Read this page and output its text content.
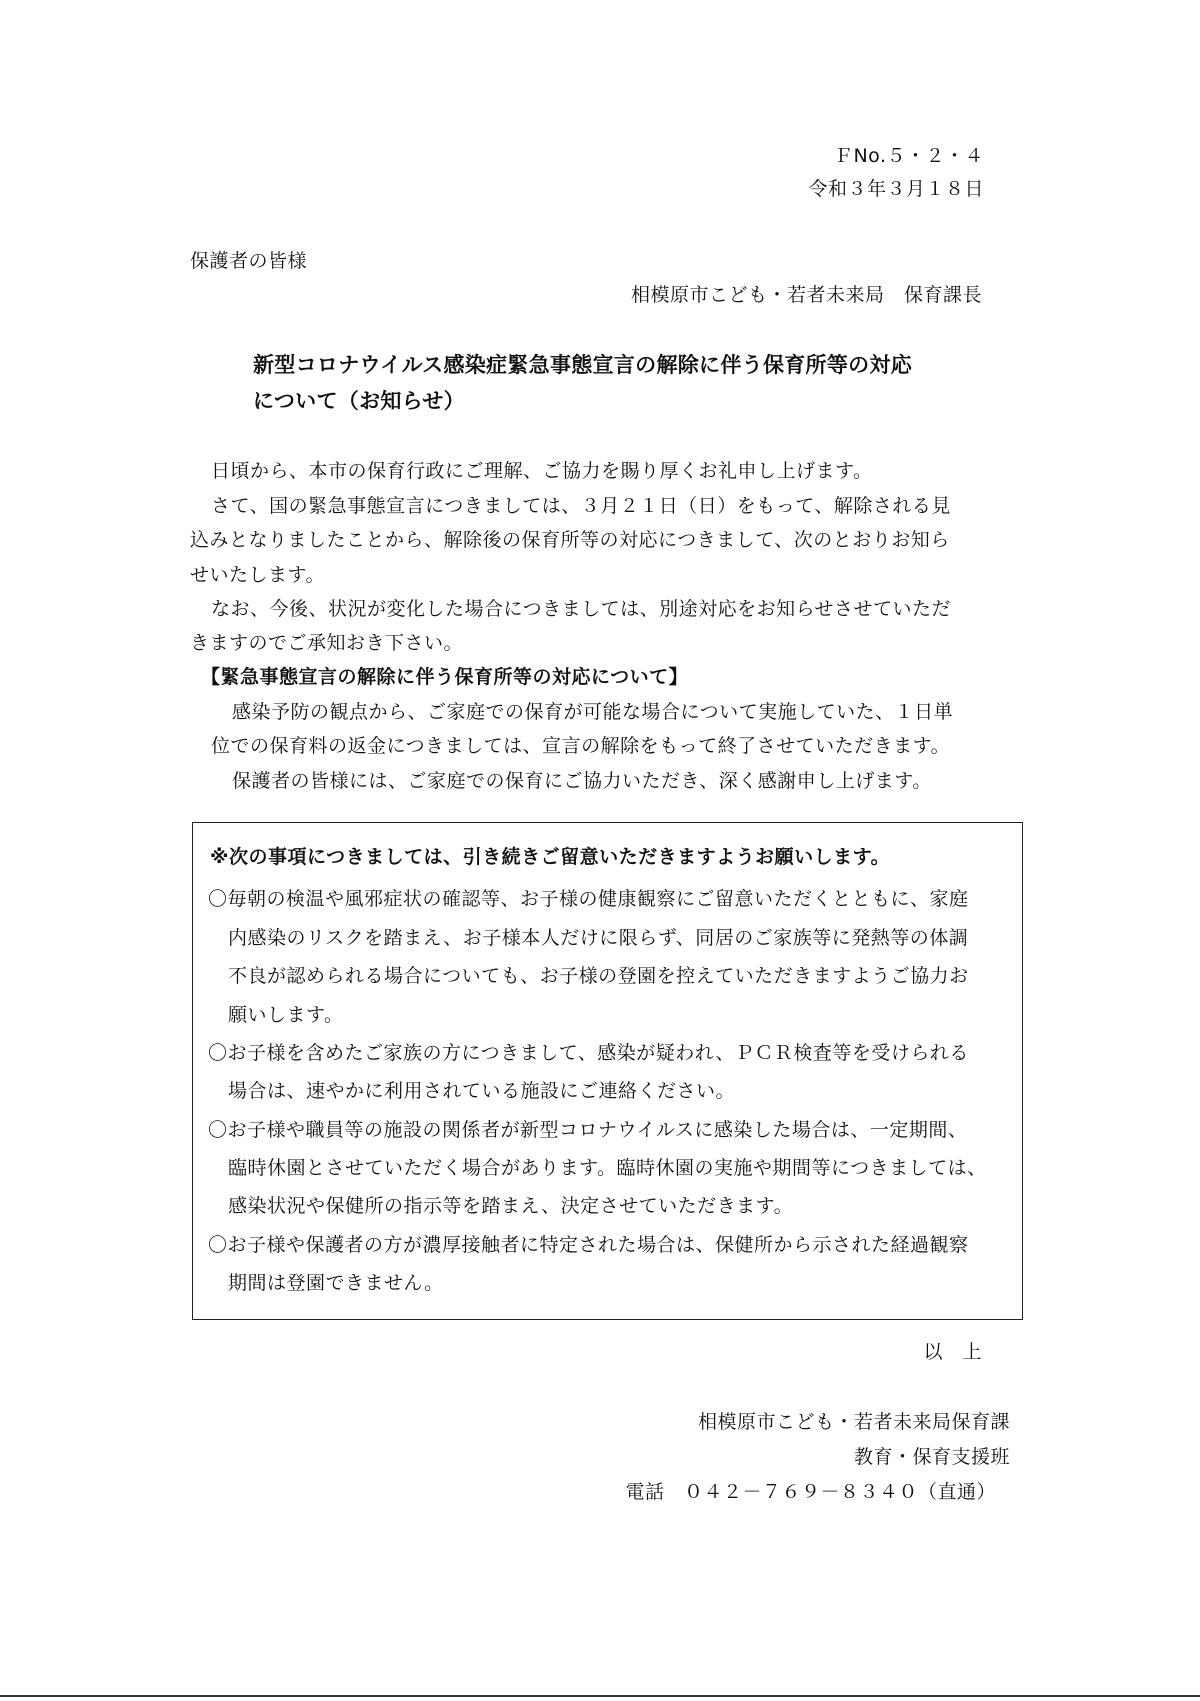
ＦNo.５・２・４
令和３年３月１８日
保護者の皆様
相模原市こども・若者未来局　保育課長
新型コロナウイルス感染症緊急事態宣言の解除に伴う保育所等の対応
について（お知らせ）
日頃から、本市の保育行政にご理解、ご協力を賜り厚くお礼申し上げます。
さて、国の緊急事態宣言につきましては、３月２１日（日）をもって、解除される見
込みとなりましたことから、解除後の保育所等の対応につきまして、次のとおりお知ら
せいたします。
なお、今後、状況が変化した場合につきましては、別途対応をお知らせさせていただ
きますのでご承知おき下さい。
【緊急事態宣言の解除に伴う保育所等の対応について】
感染予防の観点から、ご家庭での保育が可能な場合について実施していた、１日単
位での保育料の返金につきましては、宣言の解除をもって終了させていただきます。
保護者の皆様には、ご家庭での保育にご協力いただき、深く感謝申し上げます。
※次の事項につきましては、引き続きご留意いただきますようお願いします。
〇毎朝の検温や風邪症状の確認等、お子様の健康観察にご留意いただくとともに、家庭
内感染のリスクを踏まえ、お子様本人だけに限らず、同居のご家族等に発熱等の体調
不良が認められる場合についても、お子様の登園を控えていただきますようご協力お
願いします。
〇お子様を含めたご家族の方につきまして、感染が疑われ、ＰＣＲ検査等を受けられる
場合は、速やかに利用されている施設にご連絡ください。
〇お子様や職員等の施設の関係者が新型コロナウイルスに感染した場合は、一定期間、
臨時休園とさせていただく場合があります。臨時休園の実施や期間等につきましては、
感染状況や保健所の指示等を踏まえ、決定させていただきます。
〇お子様や保護者の方が濃厚接触者に特定された場合は、保健所から示された経過観察
期間は登園できません。
以　上
相模原市こども・若者未来局保育課
教育・保育支援班
電話　０４２－７６９－８３４０（直通）
